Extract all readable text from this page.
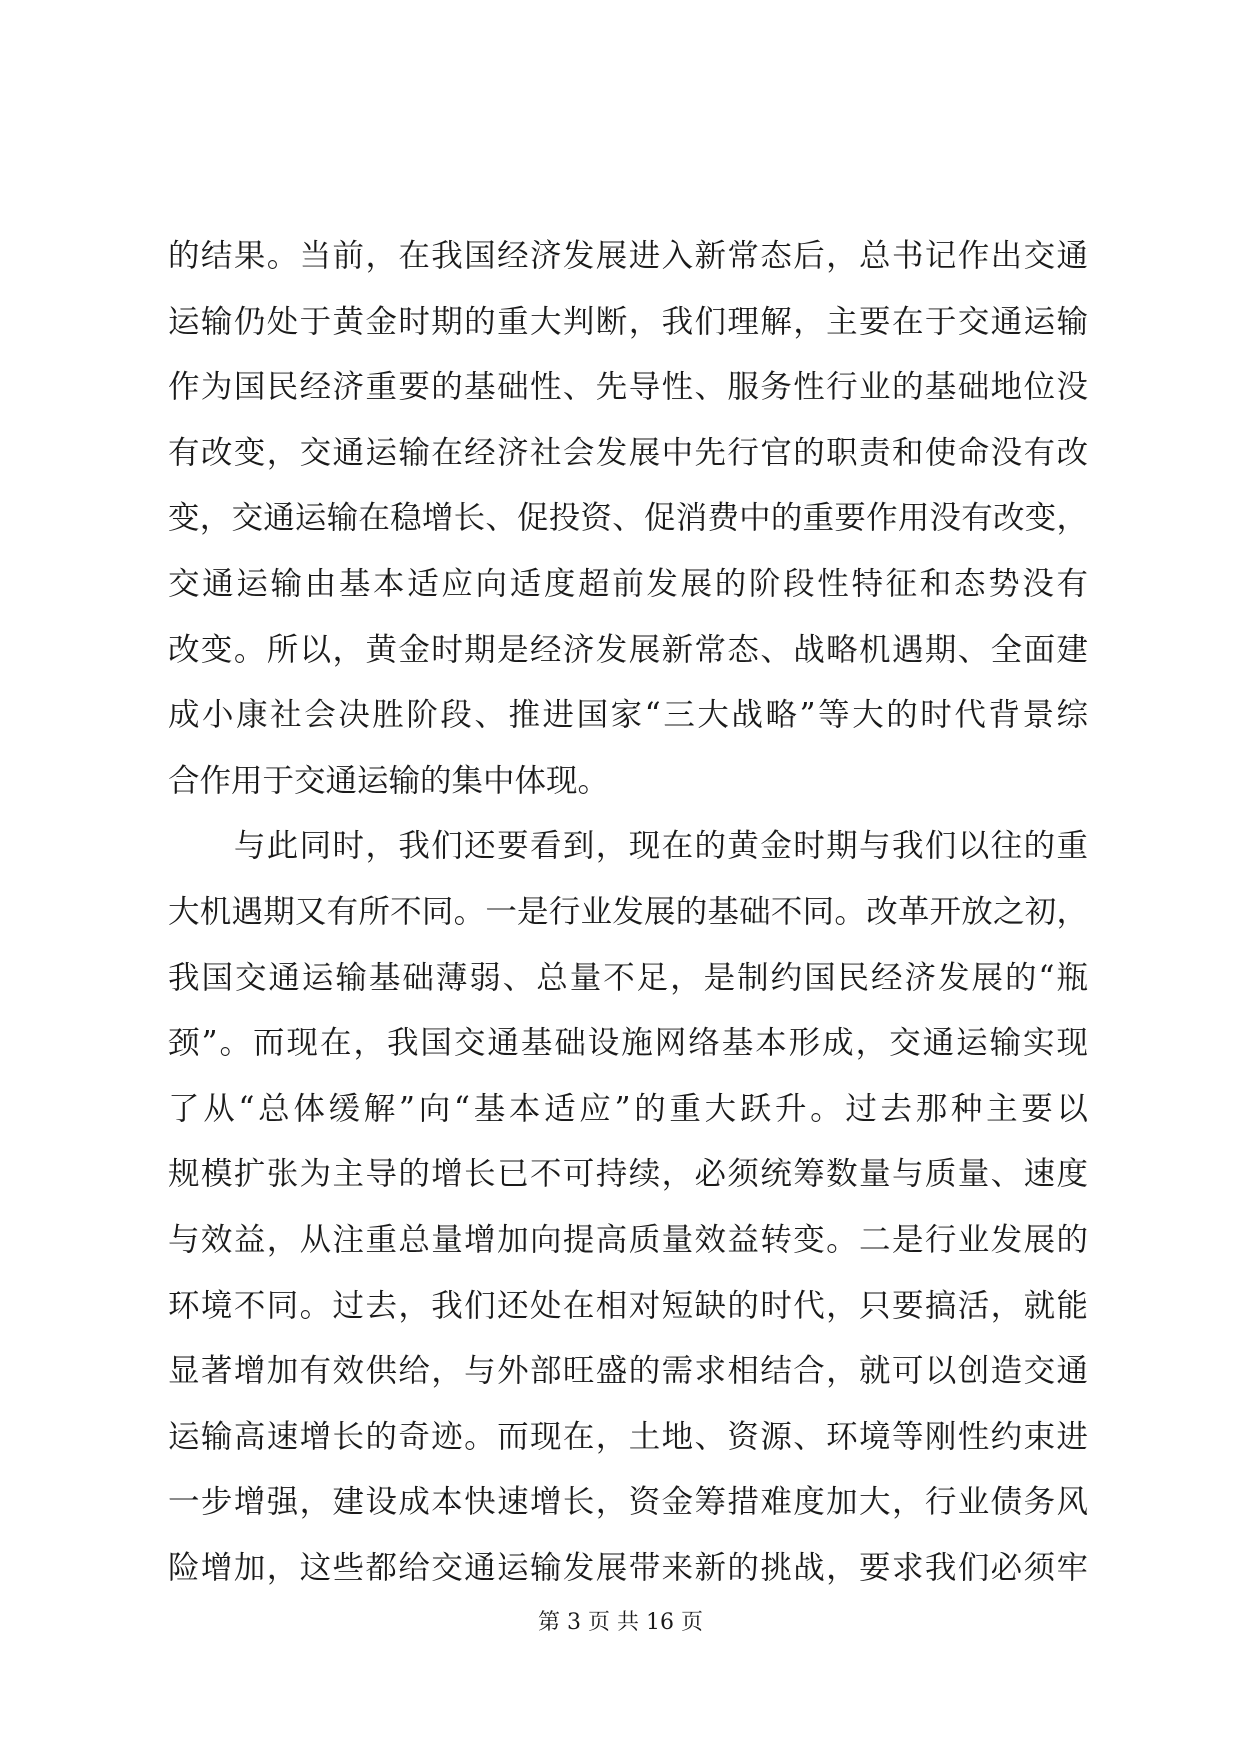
的结果。当前，在我国经济发展进入新常态后，总书记作出交通
运输仍处于黄金时期的重大判断，我们理解，主要在于交通运输
作为国民经济重要的基础性、先导性、服务性行业的基础地位没
有改变，交通运输在经济社会发展中先行官的职责和使命没有改
变，交通运输在稳增长、促投资、促消费中的重要作用没有改变，
交通运输由基本适应向适度超前发展的阶段性特征和态势没有
改变。所以，黄金时期是经济发展新常态、战略机遇期、全面建
成小康社会决胜阶段、推进国家“三大战略”等大的时代背景综
合作用于交通运输的集中体现。
　　与此同时，我们还要看到，现在的黄金时期与我们以往的重
大机遇期又有所不同。一是行业发展的基础不同。改革开放之初，
我国交通运输基础薄弱、总量不足，是制约国民经济发展的“瓶
颈”。而现在，我国交通基础设施网络基本形成，交通运输实现
了从“总体缓解”向“基本适应”的重大跃升。过去那种主要以
规模扩张为主导的增长已不可持续，必须统筹数量与质量、速度
与效益，从注重总量增加向提高质量效益转变。二是行业发展的
环境不同。过去，我们还处在相对短缺的时代，只要搞活，就能
显著增加有效供给，与外部旺盛的需求相结合，就可以创造交通
运输高速增长的奇迹。而现在，土地、资源、环境等刚性约束进
一步增强，建设成本快速增长，资金筹措难度加大，行业债务风
险增加，这些都给交通运输发展带来新的挑战，要求我们必须牢
第 3 页 共 16 页
